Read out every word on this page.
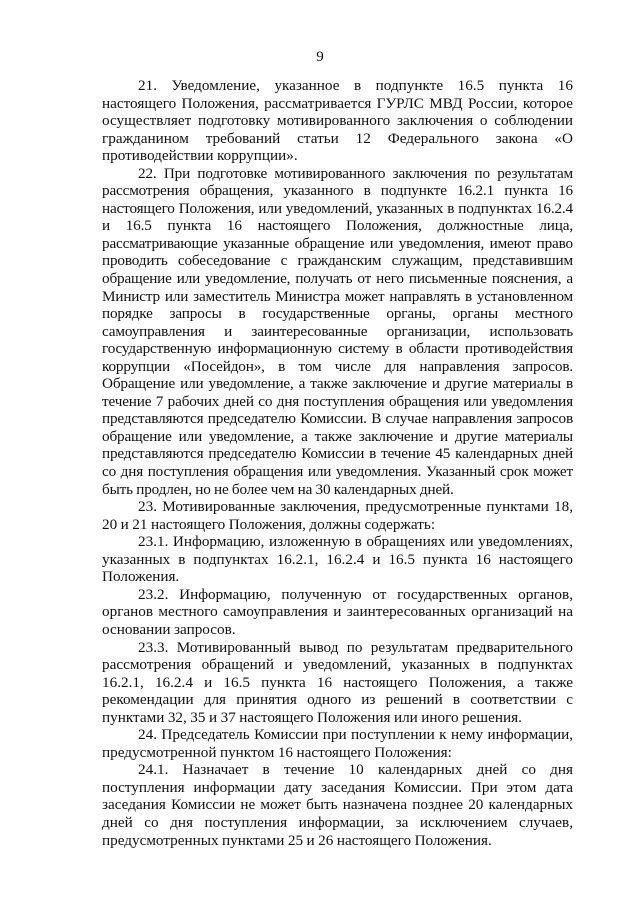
9

21. Уведомление, указанное в подпункте 16.5 пункта 16 настоящего Положения, рассматривается ГУРЛС МВД России, которое осуществляет подготовку мотивированного заключения о соблюдении гражданином требований статьи 12 Федерального закона «О противодействии коррупции».

22. При подготовке мотивированного заключения по результатам рассмотрения обращения, указанного в подпункте 16.2.1 пункта 16 настоящего Положения, или уведомлений, указанных в подпунктах 16.2.4 и 16.5 пункта 16 настоящего Положения, должностные лица, рассматривающие указанные обращение или уведомления, имеют право проводить собеседование с гражданским служащим, представившим обращение или уведомление, получать от него письменные пояснения, а Министр или заместитель Министра может направлять в установленном порядке запросы в государственные органы, органы местного самоуправления и заинтересованные организации, использовать государственную информационную систему в области противодействия коррупции «Посейдон», в том числе для направления запросов. Обращение или уведомление, а также заключение и другие материалы в течение 7 рабочих дней со дня поступления обращения или уведомления представляются председателю Комиссии. В случае направления запросов обращение или уведомление, а также заключение и другие материалы представляются председателю Комиссии в течение 45 календарных дней со дня поступления обращения или уведомления. Указанный срок может быть продлен, но не более чем на 30 календарных дней.

23. Мотивированные заключения, предусмотренные пунктами 18, 20 и 21 настоящего Положения, должны содержать:

23.1. Информацию, изложенную в обращениях или уведомлениях, указанных в подпунктах 16.2.1, 16.2.4 и 16.5 пункта 16 настоящего Положения.

23.2. Информацию, полученную от государственных органов, органов местного самоуправления и заинтересованных организаций на основании запросов.

23.3. Мотивированный вывод по результатам предварительного рассмотрения обращений и уведомлений, указанных в подпунктах 16.2.1, 16.2.4 и 16.5 пункта 16 настоящего Положения, а также рекомендации для принятия одного из решений в соответствии с пунктами 32, 35 и 37 настоящего Положения или иного решения.

24. Председатель Комиссии при поступлении к нему информации, предусмотренной пунктом 16 настоящего Положения:

24.1. Назначает в течение 10 календарных дней со дня поступления информации дату заседания Комиссии. При этом дата заседания Комиссии не может быть назначена позднее 20 календарных дней со дня поступления информации, за исключением случаев, предусмотренных пунктами 25 и 26 настоящего Положения.
